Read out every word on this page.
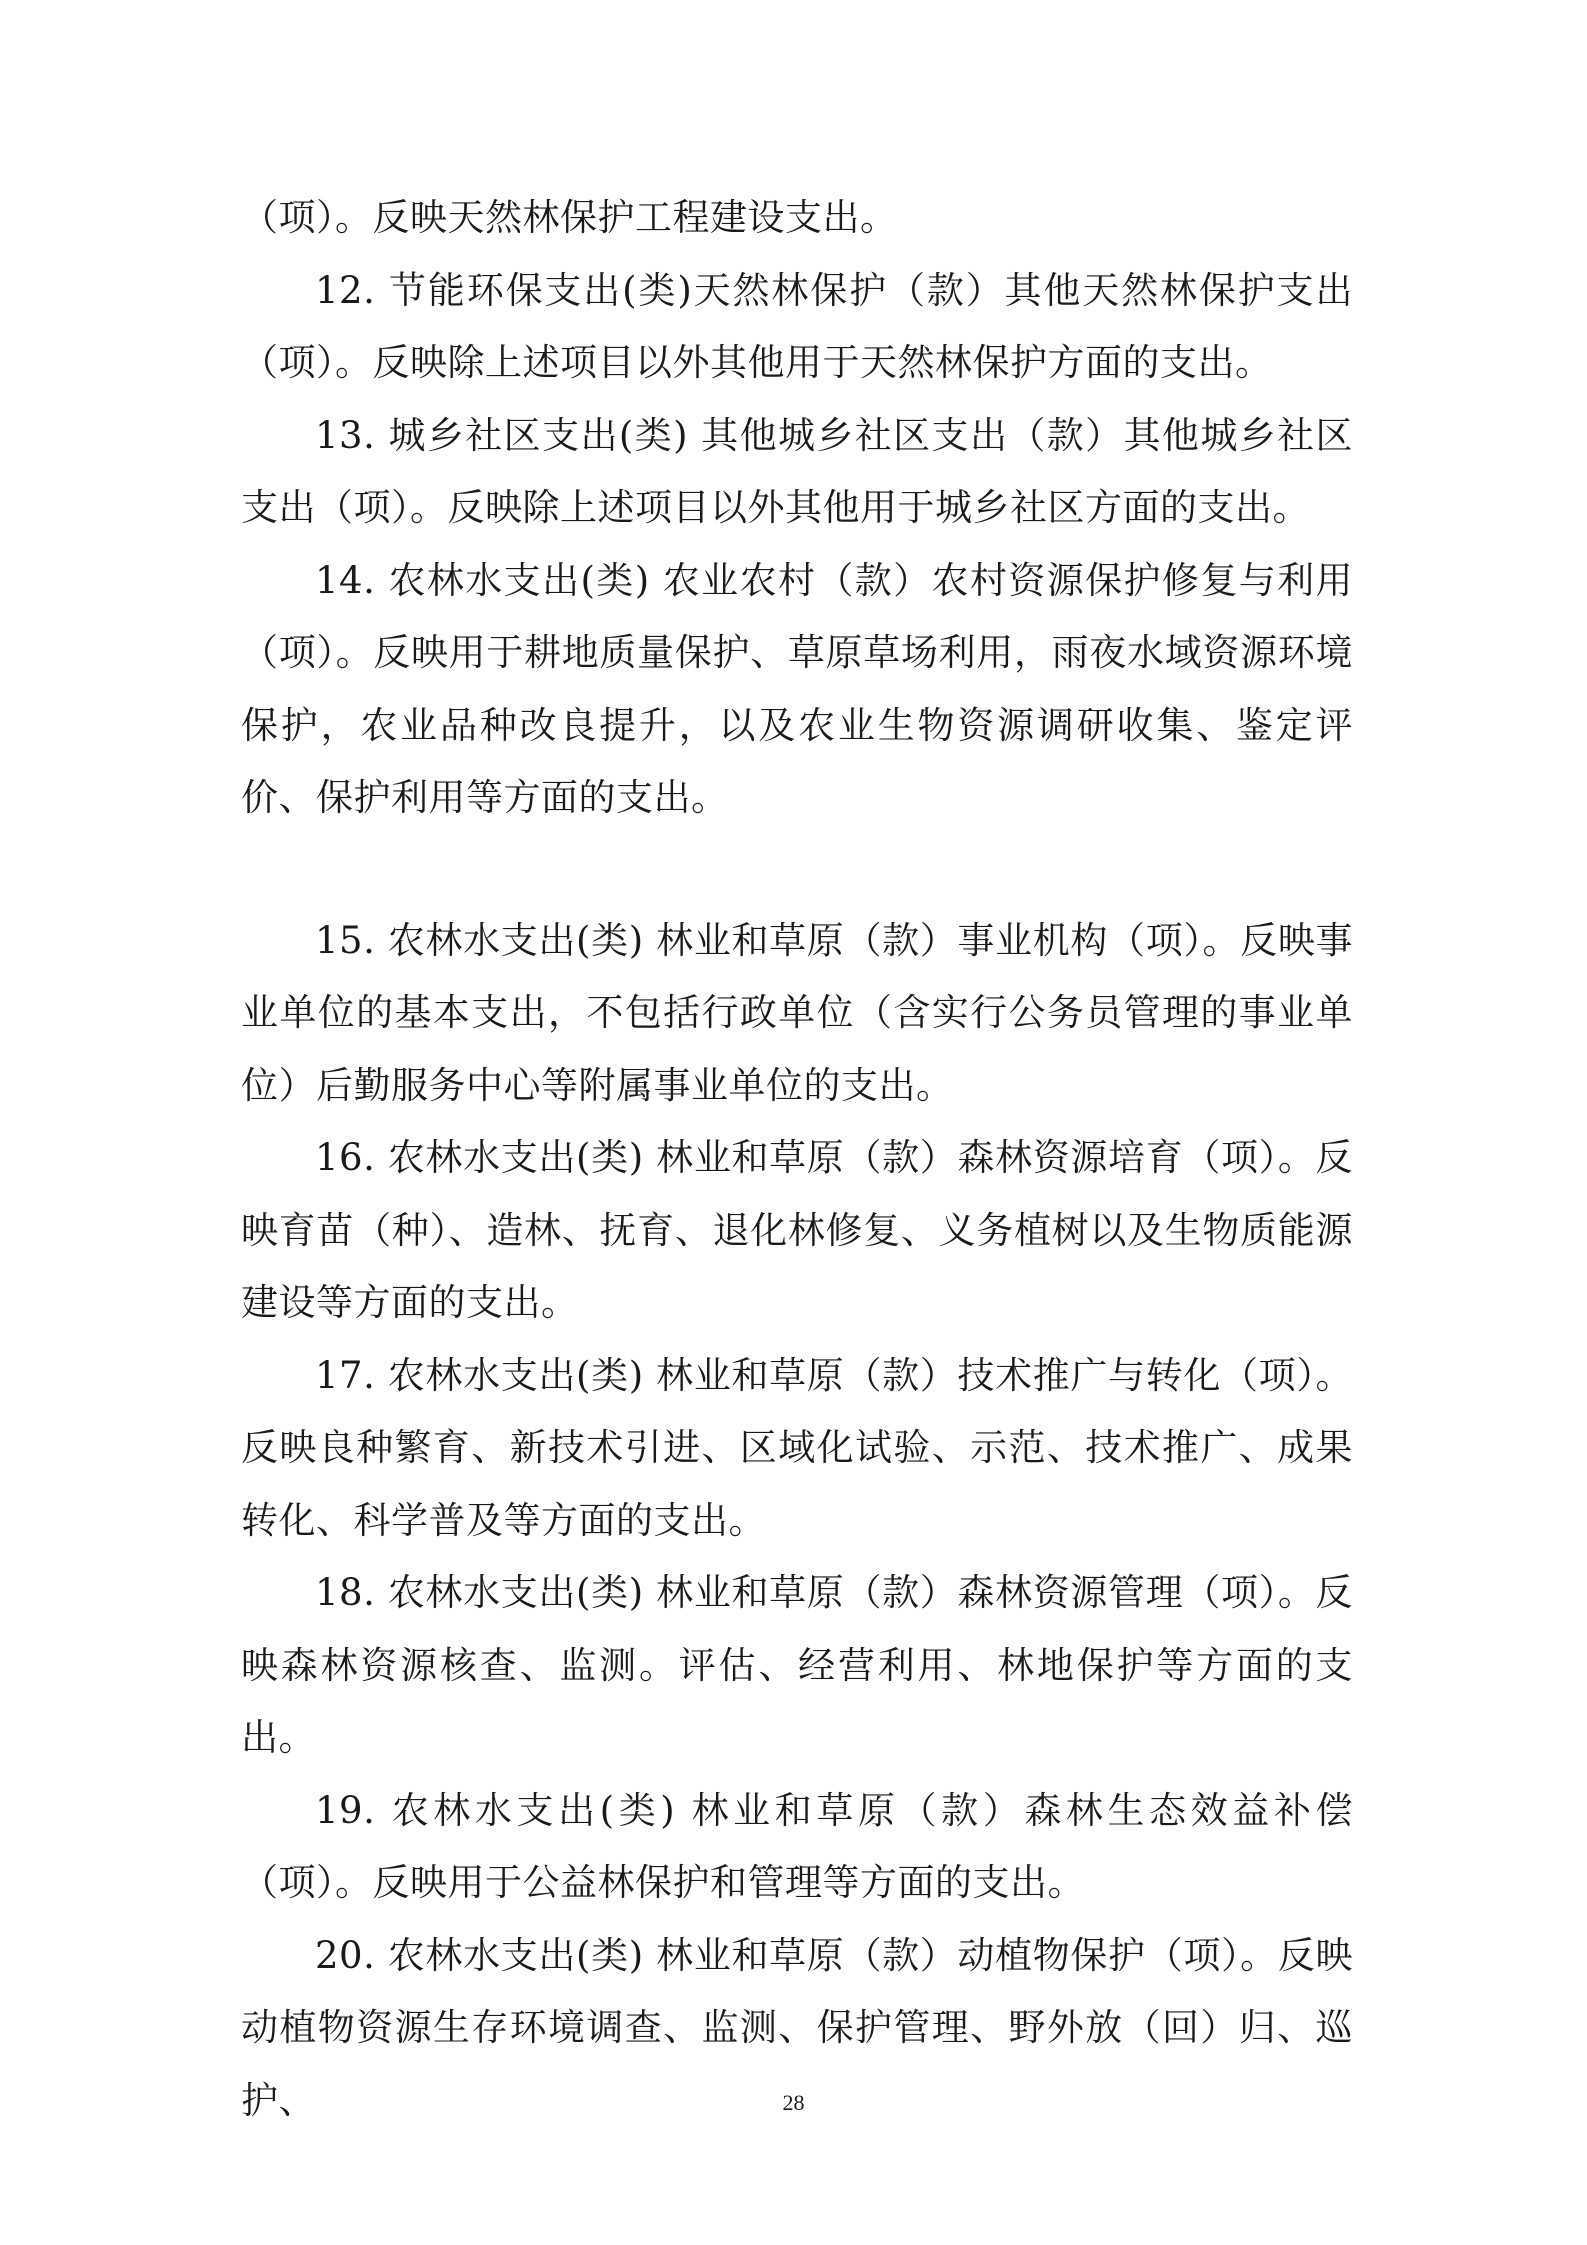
（项）。反映天然林保护工程建设支出。

12. 节能环保支出(类)天然林保护（款）其他天然林保护支出（项）。反映除上述项目以外其他用于天然林保护方面的支出。

13. 城乡社区支出(类) 其他城乡社区支出（款）其他城乡社区支出（项）。反映除上述项目以外其他用于城乡社区方面的支出。

14. 农林水支出(类) 农业农村（款）农村资源保护修复与利用（项）。反映用于耕地质量保护、草原草场利用，雨夜水域资源环境保护，农业品种改良提升，以及农业生物资源调研收集、鉴定评价、保护利用等方面的支出。

15. 农林水支出(类) 林业和草原（款）事业机构（项）。反映事业单位的基本支出，不包括行政单位（含实行公务员管理的事业单位）后勤服务中心等附属事业单位的支出。

16. 农林水支出(类) 林业和草原（款）森林资源培育（项）。反映育苗（种）、造林、抚育、退化林修复、义务植树以及生物质能源建设等方面的支出。

17. 农林水支出(类) 林业和草原（款）技术推广与转化（项）。反映良种繁育、新技术引进、区域化试验、示范、技术推广、成果转化、科学普及等方面的支出。

18. 农林水支出(类) 林业和草原（款）森林资源管理（项）。反映森林资源核查、监测。评估、经营利用、林地保护等方面的支出。

19. 农林水支出(类) 林业和草原（款）森林生态效益补偿（项）。反映用于公益林保护和管理等方面的支出。

20. 农林水支出(类) 林业和草原（款）动植物保护（项）。反映动植物资源生存环境调查、监测、保护管理、野外放（回）归、巡护、	28
